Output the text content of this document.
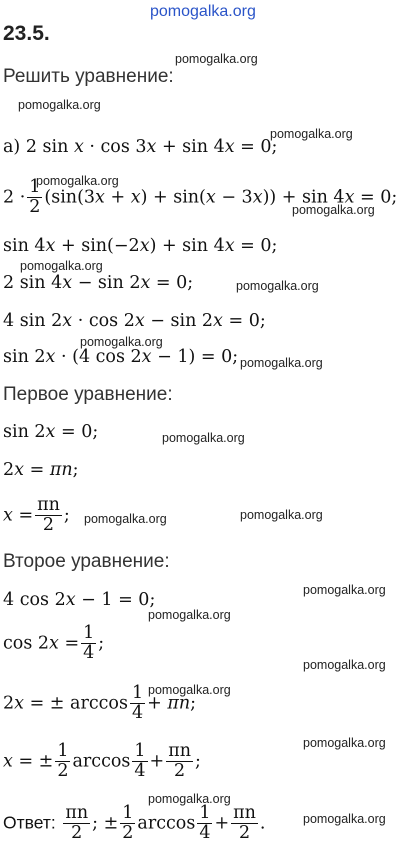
pomogalka.org
pomogalka.org
pomogalka.org
pomogalka.org
pomogalka.org
pomogalka.org
pomogalka.org
pomogalka.org
pomogalka.org
pomogalka.org
pomogalka.org
pomogalka.org	pomogalka.org
pomogalka.org
pomogalka.org
pomogalka.org
pomogalka.org
pomogalka.org
pomogalka.org
pomogalka.org
23.5.
Решить уравнение:
а) 2 sin x · cos 3x + sin 4x = 0;
$2 \cdot \frac{1}{2} (\sin(3x + x) + \sin(x - 3x)) + \sin 4x = 0$;
sin 4x + sin(−2x) + sin 4x = 0;
2 sin 4x − sin 2x = 0;
4 sin 2x · cos 2x − sin 2x = 0;
sin 2x · (4 cos 2x − 1) = 0;
Первое уравнение:
sin 2x = 0;
2x = πn;
$x = \frac{\pi n}{2}$ ;
Второе уравнение:
4 cos 2x − 1 = 0;
$\cos 2x = \frac{1}{4}$ ;
2x = ± $\arccos \frac{1}{4} + \pi n$;
x = ± $\frac{1}{2}$ $\arccos \frac{1}{4} + \frac{\pi n}{2}$ ;
Ответ: $\frac{\pi n}{2}$ ; ± $\frac{1}{2}$ $\arccos \frac{1}{4} + \frac{\pi n}{2}$ .
